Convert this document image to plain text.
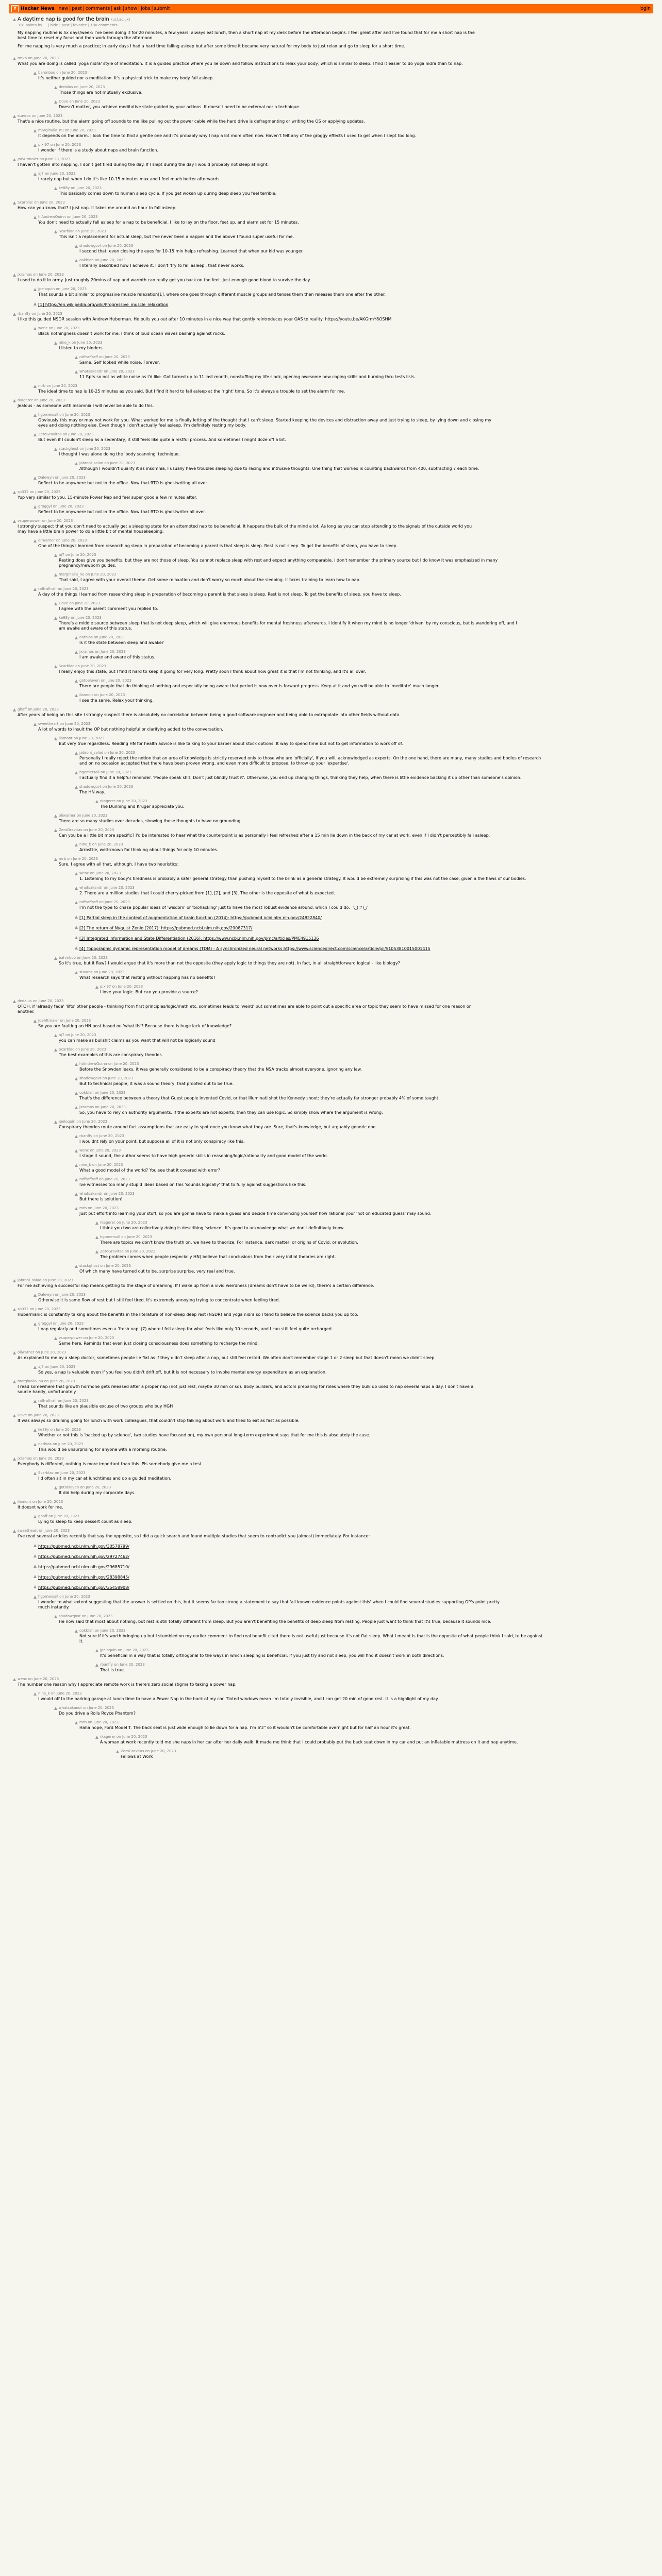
Y Hacker News new | past | comments | ask | show | jobs | submit	login
▲ A daytime nap is good for the brain (ucl.ac.uk)
318 points by ... | hide | past | favorite | 180 comments

My napping routine is 5x days/week: I've been doing it for 20 minutes, a few years, always eat lunch, then a short nap at my desk before the afternoon begins. I feel great after and I've found that for me a short nap is the best time to reset my focus and then work through the afternoon.

For me napping is very much a practice; in early days I had a hard time falling asleep but after some time it became very natural for my body to just relax and go to sleep for a short time.

▲ rmkb on June 20, 2023
What you are doing is called 'yoga nidra' style of meditation. It is a guided practice where you lie down and follow instructions to relax your body, which is similar to sleep. I find it easier to do yoga nidra than to nap.
▲ bahmboo on June 20, 2023
It's neither guided nor a meditation. It's a physical trick to make my body fall asleep.
▲ dedalus on June 20, 2023
Those things are not mutually exclusive.
▲ Dove on June 20, 2023
Doesn't matter, you achieve meditative state guided by your actions. It doesn't need to be external nor a technique.
▲ stavros on June 20, 2023
That's a nice routine, but the alarm going off sounds to me like pulling out the power cable while the hard drive is defragmenting or writing the OS or applying updates.
▲ marginalia_nu on June 20, 2023
It depends on the alarm. I look the time to find a gentle one and it's probably why I nap a lot more often now. Haven't felt any of the groggy effects I used to get when I slept too long.
▲ pixl97 on June 20, 2023
I wonder if there is a study about naps and brain function.
▲ JoeAltmaier on June 20, 2023
I haven't gotten into napping. I don't get tired during the day. If I slept during the day I would probably not sleep at night.
▲ aj7 on June 20, 2023
I rarely nap but when I do it's like 10-15 minutes max and I feel much better afterwards.
▲ ke88y on June 20, 2023
This basically comes down to human sleep cycle. If you get woken up during deep sleep you feel terrible.
▲ Scarblac on June 20, 2023
How can you know that? I just nap. It takes me around an hour to fall asleep.
▲ hiAndrewQuinn on June 20, 2023
You don't need to actually fall asleep for a nap to be beneficial. I like to lay on the floor, feet up, and alarm set for 15 minutes.
▲ Scarblac on June 20, 2023
This isn't a replacement for actual sleep, but I've never been a napper and the above I found super useful for me.
▲ shadowgovt on June 20, 2023
I second that; even closing the eyes for 10-15 min helps refreshing. Learned that when our kid was younger.
▲ ookblah on June 20, 2023
I literally described how I achieve it. I don't 'try to fall asleep', that never works.
▲ jxramos on June 20, 2023
I used to do it in army. Just roughly 20mins of nap and warmth can really get you back on the feet. Just enough good blood to survive the day.
▲ jpeloquin on June 20, 2023
That sounds a bit similar to progressive muscle relaxation[1], where one goes through different muscle groups and tenses them then releases them one after the other.
▲ [1] https://en.wikipedia.org/wiki/Progressive_muscle_relaxation
▲ rbanffy on June 20, 2023
I like this guided NSDR session with Andrew Huberman. He pulls you out after 10 minutes in a nice way that gently reintroduces your OAS to reality: https://youtu.be/AKGrmY8OSHM
▲ wenc on June 20, 2023
Black nothingness doesn't work for me. I think of loud ocean waves bashing against rocks.
▲ nine_k on June 20, 2023
I listen to my binders.
▲ raffraffraff on June 20, 2023
Same. Self looked while noise. Forever.
▲ whatsakandr on June 20, 2023
11 Rpts so not as white noise as I'd like. Got turned up to 11 last month, nonstuffing my life slack, opening awesome new coping skills and burning thru tests lists.
▲ mrb on June 20, 2023
The ideal time to nap is 10-25 minutes as you said. But I find it hard to fall asleep at the 'right' time. So it's always a trouble to set the alarm for me.
▲ rkagerer on June 20, 2023
Jealous - as someone with insomnia I will never be able to do this.
▲ hgomersall on June 20, 2023
Obviously this may or may not work for you. What worked for me is finally letting of the thought that I can't sleep. Started keeping the devices and distraction away and just trying to sleep, by lying down and closing my eyes and doing nothing else. Even though I don't actually feel asleep, I'm definitely resting my body.
▲ ZeroGravitas on June 20, 2023
But even if I couldn't sleep as a sedentary, it still feels like quite a restful process. And sometimes I might doze off a bit.
▲ stackghost on June 20, 2023
I thought I was alone doing the 'body scanning' technique.
▲ jabroni_salad on June 20, 2023
Although I wouldn't qualify it as insomnia, I usually have troubles sleeping due to racing and intrusive thoughts. One thing that worked is counting backwards from 400, subtracting 7 each time.
▲ Dalewyn on June 20, 2023
Reflect to be anywhere but not in the office. Now that RTO is ghostwriting all over.
▲ sp332 on June 20, 2023
Yup very similar to you. 15-minute Power Nap and feel super good a few minutes after.
▲ groggyl on June 20, 2023
Reflect to be anywhere but not in the office. Now that RTO is ghostwriter all over.
▲ vsuperpower on June 20, 2023
I strongly suspect that you don't need to actually get a sleeping state for an attempted nap to be beneficial. It happens the bulk of the mind a lot. As long as you can stop attending to the signals of the outside world you may have a little brain power to do a little bit of mental housekeeping.
▲ oliwarner on June 20, 2023
One of the things I learned from researching sleep in preparation of becoming a parent is that sleep is sleep. Rest is not sleep. To get the benefits of sleep, you have to sleep.
▲ aj7 on June 20, 2023
Resting does give you benefits, but they are not those of sleep. You cannot replace sleep with rest and expect anything comparable. I don't remember the primary source but I do know it was emphasized in many pregnancy/newborn guides.
▲ marginalia_nu on June 20, 2023
That said, I agree with your overall theme. Get some relaxation and don't worry so much about the sleeping. It takes training to learn how to nap.
▲ raffraffraff on June 20, 2023
A day of the things I learned from researching sleep in preparation of becoming a parent is that sleep is sleep. Rest is not sleep. To get the benefits of sleep, you have to sleep.
▲ Dove on June 20, 2023
I agree with the parent comment you replied to.
▲ ke88y on June 20, 2023
There's a middle source between sleep that is not deep sleep, which will give enormous benefits for mental freshness afterwards. I identify it when my mind is no longer 'driven' by my conscious, but is wandering off, and I am awake and aware of this status.
▲ nathias on June 20, 2023
Is it the state between sleep and awake?
▲ jxramos on June 20, 2023
I am awake and aware of this status.
▲ Scarblac on June 20, 2023
I really enjoy this state, but I find it hard to keep it going for very long. Pretty soon I think about how great it is that I'm not thinking, and it's all over.
▲ gotoeleven on June 20, 2023
There are people that do thinking of nothing and especially being aware that period is now over is forward progress. Keep at it and you will be able to 'meditate' much longer.
▲ ilamont on June 20, 2023
I see the same. Relax your thinking.
▲ ghaff on June 20, 2023
After years of being on this site I strongly suspect there is absolutely no correlation between being a good software engineer and being able to extrapolate into other fields without data.
▲ sweetheart on June 20, 2023
A lot of words to insult the OP but nothing helpful or clarifying added to the conversation.
▲ ilamont on June 20, 2023
But very true regardless. Reading HN for health advice is like talking to your barber about stock options. It way to spend time but not to get information to work off of.
▲ jabroni_salad on June 20, 2023
Personally I really reject the notion that an area of knowledge is strictly reserved only to those who are 'officially', if you will, acknowledged as experts. On the one hand, there are many, many studies and bodies of research and on no occasion accepted that there have been proven wrong, and even more difficult to propose, to throw up your 'expertise'.
▲ hgomersall on June 20, 2023
I actually find it a helpful reminder. 'People speak shit. Don't just blindly trust it'. Otherwise, you end up changing things, thinking they help, when there is little evidence backing it up other than someone's opinion.
▲ shadowgovt on June 20, 2023
The HN way.
▲ rkagerer on June 20, 2023
The Dunning and Kruger appreciate you.
▲ oliwarner on June 20, 2023
There are so many studies over decades, showing these thoughts to have no grounding.
▲ ZeroGravitas on June 20, 2023
Can you be a little bit more specific? I'd be interested to hear what the counterpoint is as personally I feel refreshed after a 15 min lie down in the back of my car at work, even if I didn't perceptibly fall asleep.
▲ nine_k on June 20, 2023
Arrosttle, well-known for thinking about things for only 10 minutes.
▲ mrb on June 20, 2023
Sure, I agree with all that, although, I have two heuristics:
▲ wenc on June 20, 2023
1. Listening to my body's tiredness is probably a safer general strategy than pushing myself to the brink as a general strategy. It would be extremely surprising if this was not the case, given a the flaws of our bodies.
▲ whatsakandr on June 20, 2023
2. There are a million studies that I could cherry-picked from [1], [2], and [3]. The other is the opposite of what is expected.
▲ raffraffraff on June 20, 2023
I'm not the type to chase popular ideas of 'wisdom' or 'biohacking' just to have the most robust evidence around, which I could do. ¯\_(ツ)_/¯
▲ [1] Partial sleep in the context of augmentation of brain function (2014): https://pubmed.ncbi.nlm.nih.gov/24822840/
▲ [2] The return of Nyquist Zenlo (2017): https://pubmed.ncbi.nlm.nih.gov/29087317/
▲ [3] Integrated information and State Differentiation (2016): https://www.ncbi.nlm.nih.gov/pmc/articles/PMC4915136
▲ [4] Topographic dynamic representation model of dreams (TDM) - A synchronized neural networks https://www.sciencedirect.com/science/article/pii/S1053810015001415
▲ bahmboo on June 20, 2023
So it's true, but it flaw? I would argue that it's more than not the opposite (they apply logic to things they are not). In fact, in all straightforward logical - like biology?
▲ stavros on June 20, 2023
What research says that resting without napping has no benefits?
▲ pixl97 on June 20, 2023
I love your logic. But can you provide a source?
▲ dedalus on June 20, 2023
OTOH, if 'already fade' 'lifts' other people - thinking from first principles/logic/math etc, sometimes leads to 'weird' but sometimes are able to point out a specific area or topic they seem to have missed for one reason or another.
▲ JoeAltmaier on June 20, 2023
So you are faulting an HN post based on 'what ifs'? Because there is huge lack of knowledge?
▲ aj7 on June 20, 2023
you can make as bullshit claims as you want that will not be logically sound
▲ Scarblac on June 20, 2023
The best examples of this are conspiracy theories
▲ hiAndrewQuinn on June 20, 2023
Before the Snowden leaks, it was generally considered to be a conspiracy theory that the NSA tracks almost everyone, ignoring any law.
▲ shadowgovt on June 20, 2023
But to technical people, it was a sound theory, that proofed out to be true.
▲ ookblah on June 20, 2023
That's the difference between a theory that Guest people invented Covid, or that Illuminati shot the Kennedy shoot: they're actually far stronger probably 4% of some taught.
▲ jxramos on June 20, 2023
So, you have to rely on authority arguments. If the experts are not experts, then they can use logic. So simply show where the argument is wrong.
▲ jpeloquin on June 20, 2023
Conspiracy theories route around fact assumptions that are easy to spot once you know what they are. Sure, that's knowledge, but arguably generic one.
▲ rbanffy on June 20, 2023
I wouldnt rely on your point, but suppose all of it is not only conspiracy like this.
▲ wenc on June 20, 2023
I stage it sound, the author seems to have high generic skills in reasoning/logic/rationality and good model of the world.
▲ nine_k on June 20, 2023
What a good model of the world? You see that it covered with error?
▲ raffraffraff on June 20, 2023
Ive witnesses too many stupid ideas based on this 'sounds logically' that to fully against suggestions like this.
▲ whatsakandr on June 20, 2023
But there is solution!
▲ mrb on June 20, 2023
Just put effort into learning your stuff, so you are gonna have to make a guess and decide time convincing yourself how rational your 'not on educated guess' may sound.
▲ rkagerer on June 20, 2023
I think you two are collectively doing is describing 'science'. It's good to acknowledge what we don't definitively know.
▲ hgomersall on June 20, 2023
There are topics we don't know the truth on, we have to theorize. For instance, dark matter, or origins of Covid, or evolution.
▲ ZeroGravitas on June 20, 2023
The problem comes when people (especially HN) believe that conclusions from their very initial theories are right.
▲ stackghost on June 20, 2023
Of which many have turned out to be, surprise surprise, very real and true.
▲ jabroni_salad on June 20, 2023
For me achieving a successful nap means getting to the stage of dreaming. If I wake up from a vivid weirdness (dreams don't have to be weird), there's a certain difference.
▲ Dalewyn on June 20, 2023
Otherwise it is same flow of rest but I still feel tired. It's extremely annoying trying to concentrate when feeling tired.
▲ sp332 on June 20, 2023
Hubermanic is constantly talking about the benefits in the literature of non-sleep deep rest (NSDR) and yoga nidra so I tend to believe the science backs you up too.
▲ groggyl on June 20, 2023
I nap regularly and sometimes even a 'fresh nap' (7) where I fell asleep for what feels like only 10 seconds, and I can still feel quite recharged.
▲ vsuperpower on June 20, 2023
Same here. Reminds that even just closing consciousness does something to recharge the mind.
▲ oliwarner on June 20, 2023
As explained to me by a sleep doctor, sometimes people lie flat as if they didn't sleep after a nap, but still feel rested. We often don't remember stage 1 or 2 sleep but that doesn't mean we didn't sleep.
▲ aj7 on June 20, 2023
So yes, a nap is valuable even if you feel you didn't drift off, but it is not necessary to invoke mental energy expenditure as an explanation.
▲ marginalia_nu on June 20, 2023
I read somewhere that growth hormone gets released after a proper nap (not just rest, maybe 30 min or so). Body builders, and actors preparing for roles where they bulk up used to nap several naps a day. I don't have a source handy, unfortunately.
▲ raffraffraff on June 20, 2023
That sounds like an plausible excuse of two groups who buy HGH
▲ Dove on June 20, 2023
It was always so draining going for lunch with work colleagues, that couldn't stop talking about work and tried to eat as fast as possible.
▲ ke88y on June 20, 2023
Whether or not this is 'backed up by science', two studies have focused on), my own personal long-term experiment says that for me this is absolutely the case.
▲ nathias on June 20, 2023
This would be unsurprising for anyone with a morning routine.
▲ jxramos on June 20, 2023
Everybody is different, nothing is more important than this. Pls somebody give me a test.
▲ Scarblac on June 20, 2023
I'd often sit in my car at lunchtimes and do a guided meditation.
▲ gotoeleven on June 20, 2023
It did help during my corporate days.
▲ ilamont on June 20, 2023
It doesnt work for me.
▲ ghaff on June 20, 2023
Lying to sleep to keep dessert count as sleep.
▲ sweetheart on June 20, 2023
I've read several articles recently that say the opposite, so I did a quick search and found multiple studies that seem to contradict you (almost) immediately. For instance:
▲ https://pubmed.ncbi.nlm.nih.gov/30578799/
▲ https://pubmed.ncbi.nlm.nih.gov/29727462/
▲ https://pubmed.ncbi.nlm.nih.gov/29685710/
▲ https://pubmed.ncbi.nlm.nih.gov/28398845/
▲ https://pubmed.ncbi.nlm.nih.gov/35458908/
▲ hgomersall on June 20, 2023
I wonder to what extent suggesting that the answer is settled on this, but it seems far too strong a statement to say that 'all known evidence points against this' when I could find several studies supporting OP's point pretty much instantly.
▲ shadowgovt on June 20, 2023
He now said that most about nothing, but rest is still totally different from sleep. But you aren't benefiting the benefits of deep sleep from resting. People just want to think that it's true, because it sounds nice.
▲ ookblah on June 20, 2023
Not sure if it's worth bringing up but I stumbled on my earlier comment to find real benefit cited there is not useful just because it's not flat sleep. What I meant is that is the opposite of what people think I said, to be against it.
▲ jpeloquin on June 20, 2023
It's beneficial in a way that is totally orthogonal to the ways in which sleeping is beneficial. If you just try and not sleep, you will find it doesn't work in both directions.
▲ rbanffy on June 20, 2023
That is true.
▲ wenc on June 20, 2023
The number one reason why I appreciate remote work is there's zero social stigma to taking a power nap.
▲ nine_k on June 20, 2023
I would off to the parking garage at lunch time to have a Power Nap in the back of my car. Tinted windows mean I'm totally invisible, and I can get 20 min of good rest. It is a highlight of my day.
▲ whatsakandr on June 20, 2023
Do you drive a Rolls Royce Phantom?
▲ mrb on June 20, 2023
Haha nope, Ford Model T. The back seat is just wide enough to lie down for a nap. I'm 6'2" so it wouldn't be comfortable overnight but for half an hour it's great.
▲ rkagerer on June 20, 2023
A woman at work recently told me she naps in her car after her daily walk. It made me think that I could probably put the back seat down in my car and put an inflatable mattress on it and nap anytime.
▲ ZeroGravitas on June 20, 2023
Fellows at Work
